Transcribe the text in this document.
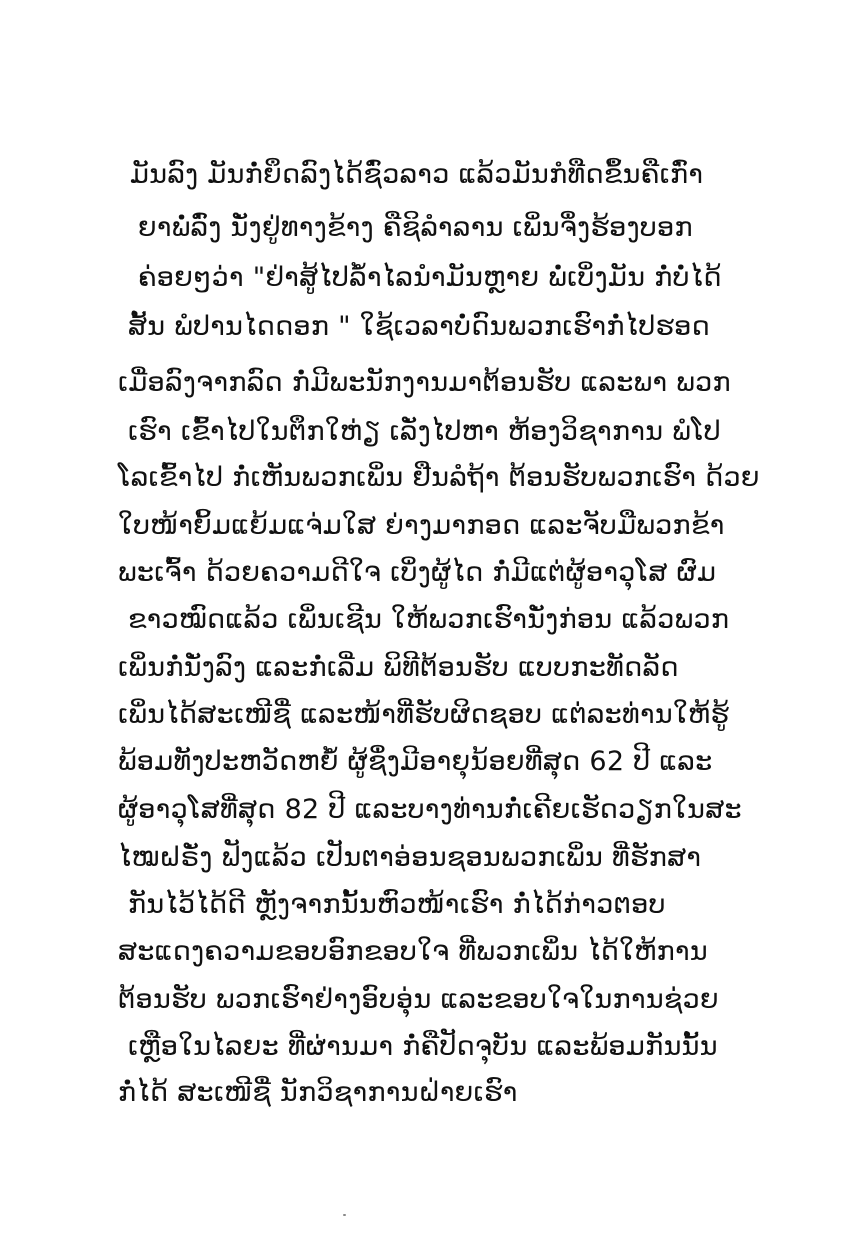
ມັນລົງ ມັນກໍ່ຍຶດລົງໄດ້ຊົ່ວລາວ ແລ້ວມັນກໍທືດຂຶ້ນຄືເກົ່າ
ຍາພໍ່ລົ່ງ ນັ່ງຢູ່ທາງຂ້າງ ຄືຊິລຳລານ ເພິ່ນຈຶ່ງຮ້ອງບອກ
ຄ່ອຍໆວ່າ "ຢ່າສູ້ໄປລໍ້າໄລນຳມັນຫຼາຍ ພໍ່ເບິ່ງມັນ ກໍ່ບໍ່ໄດ້
ສັ້ນ ພໍປານໄດດອກ " ໃຊ້ເວລາບໍ່ດົນພວກເຮົາກໍ່ໄປຮອດ
ເມື່ອລົງຈາກລົດ ກໍ່ມີພະນັກງານມາຕ້ອນຮັບ ແລະພາ ພວກ
ເຮົາ ເຂົ້າໄປໃນຕຶກໃຫ່ຽ ເລັ່ງໄປຫາ ຫ້ອງວິຊາການ ພໍໂປ
ໂລເຂົ້າໄປ ກໍ່ເຫັນພວກເພິ່ນ ຢືນລໍຖ້າ ຕ້ອນຮັບພວກເຮົາ ດ້ວຍ
ໃບໜ້າຍິ້ມແຍ້ມແຈ່ມໃສ ຍ່າງມາກອດ ແລະຈັບມືພວກຂ້າ
ພະເຈົ້າ ດ້ວຍຄວາມດີໃຈ ເບິ່ງຜູ້ໄດ ກໍ່ມີແຕ່ຜູ້ອາວຸໂສ ຜົມ
ຂາວໝົດແລ້ວ ເພິ່ນເຊີນ ໃຫ້ພວກເຮົານັ່ງກ່ອນ ແລ້ວພວກ
ເພິ່ນກໍ່ນັ່ງລົງ ແລະກໍ່ເລີ່ມ ພິທີຕ້ອນຮັບ ແບບກະທັດລັດ
ເພິ່ນໄດ້ສະເໜີຊື່ ແລະໜ້າທີ່ຮັບຜິດຊອບ ແຕ່ລະທ່ານໃຫ້ຮູ້
ພ້ອມທັງປະຫວັດຫຍໍ້ ຜູ້ຊຶ່ງມີອາຍຸນ້ອຍທີ່ສຸດ 62 ປີ ແລະ
ຜູ້ອາວຸໂສທີ່ສຸດ 82 ປີ ແລະບາງທ່ານກໍ່ເຄີຍເຮັດວຽກໃນສະ
ໄໝຝຣັ່ງ ຟັງແລ້ວ ເປັນຕາອ່ອນຊອນພວກເພິ່ນ ທີ່ຮັກສາ
ກັນໄວ້ໄດ້ດີ ຫຼັງຈາກນັ້ນຫົວໜ້າເຮົາ ກໍ່ໄດ້ກ່າວຕອບ
ສະແດງຄວາມຂອບອົກຂອບໃຈ ທີ່ພວກເພິ່ນ ໄດ້ໃຫ້ການ
ຕ້ອນຮັບ ພວກເຮົາຢ່າງອົບອຸ່ນ ແລະຂອບໃຈໃນການຊ່ວຍ
ເຫຼືອໃນໄລຍະ ທີ່ຜ່ານມາ ກໍ່ຄືປັດຈຸບັນ ແລະພ້ອມກັນນັ້ນ
ກໍ່ໄດ້ ສະເໜີຊື່ ນັກວິຊາການຝ່າຍເຮົາ
